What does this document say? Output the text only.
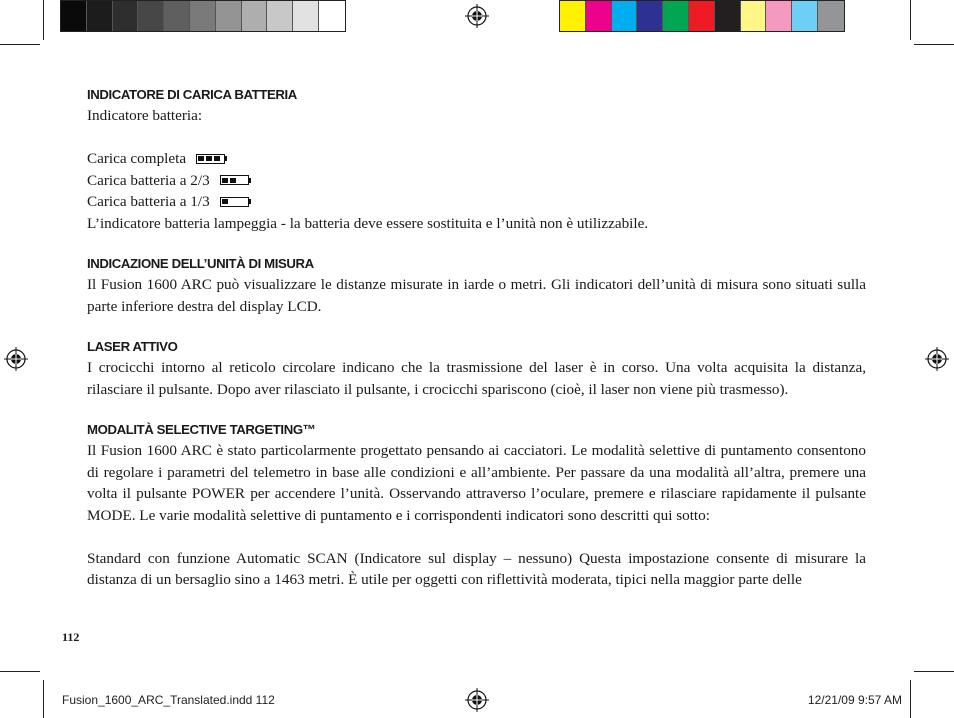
INDICATORE DI CARICA BATTERIA

Indicatore batteria:

Carica completa
Carica batteria a 2/3
Carica batteria a 1/3

L’indicatore batteria lampeggia - la batteria deve essere sostituita e l’unità non è utilizzabile.

INDICAZIONE DELL’UNITÀ DI MISURA

Il Fusion 1600 ARC può visualizzare le distanze misurate in iarde o metri. Gli indicatori dell’unità di misura sono situati sulla parte inferiore destra del display LCD.

LASER ATTIVO

I crocicchi intorno al reticolo circolare indicano che la trasmissione del laser è in corso. Una volta acquisita la distanza, rilasciare il pulsante. Dopo aver rilasciato il pulsante, i crocicchi spariscono (cioè, il laser non viene più trasmesso).

MODALITÀ SELECTIVE TARGETING™

Il Fusion 1600 ARC è stato particolarmente progettato pensando ai cacciatori. Le modalità selettive di puntamento consentono di regolare i parametri del telemetro in base alle condizioni e all’ambiente. Per passare da una modalità all’altra, premere una volta il pulsante POWER per accendere l’unità. Osservando attraverso l’oculare, premere e rilasciare rapidamente il pulsante MODE. Le varie modalità selettive di puntamento e i corrispondenti indicatori sono descritti qui sotto:

Standard con funzione Automatic SCAN (Indicatore sul display – nessuno) Questa impostazione consente di misurare la distanza di un bersaglio sino a 1463 metri. È utile per oggetti con riflettività moderata, tipici nella maggior parte delle

112
Fusion_1600_ARC_Translated.indd 112	12/21/09 9:57 AM
